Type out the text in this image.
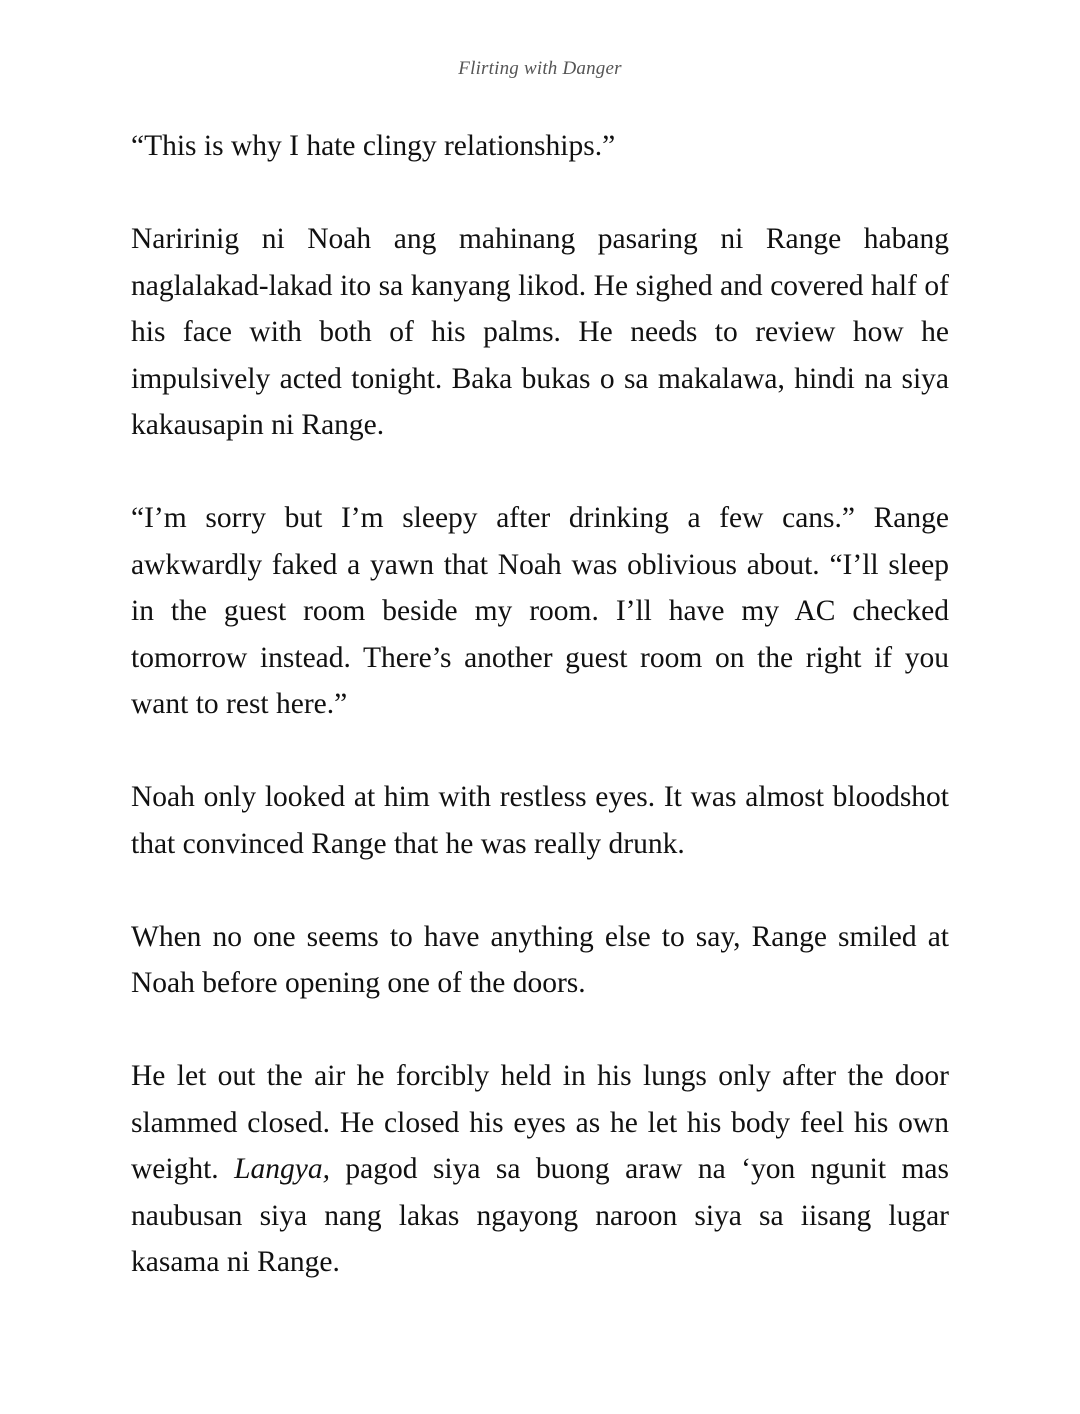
Flirting with Danger

“This is why I hate clingy relationships.”

Naririnig ni Noah ang mahinang pasaring ni Range habang naglalakad-lakad ito sa kanyang likod. He sighed and covered half of his face with both of his palms. He needs to review how he impulsively acted tonight. Baka bukas o sa makalawa, hindi na siya kakausapin ni Range.

“I’m sorry but I’m sleepy after drinking a few cans.” Range awkwardly faked a yawn that Noah was oblivious about. “I’ll sleep in the guest room beside my room. I’ll have my AC checked tomorrow instead. There’s another guest room on the right if you want to rest here.”

Noah only looked at him with restless eyes. It was almost bloodshot that convinced Range that he was really drunk.

When no one seems to have anything else to say, Range smiled at Noah before opening one of the doors.

He let out the air he forcibly held in his lungs only after the door slammed closed. He closed his eyes as he let his body feel his own weight. Langya, pagod siya sa buong araw na ‘yon ngunit mas naubusan siya nang lakas ngayong naroon siya sa iisang lugar kasama ni Range.
